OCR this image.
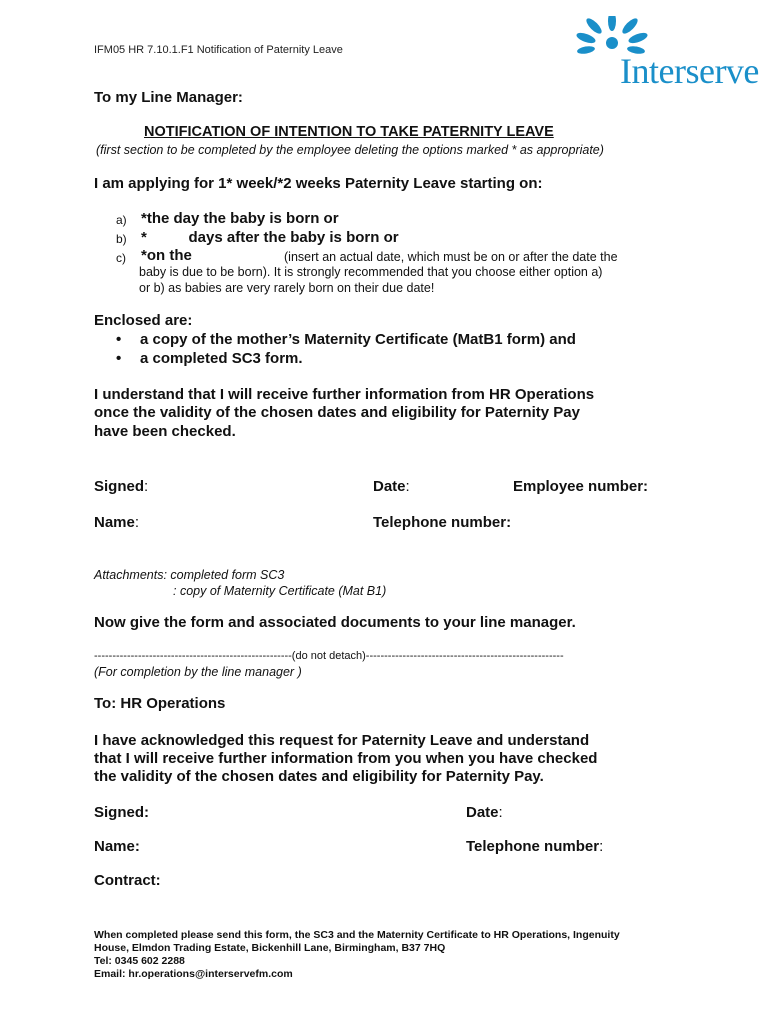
IFM05 HR 7.10.1.F1 Notification of Paternity Leave
Interserve
To my Line Manager:
NOTIFICATION OF INTENTION TO TAKE PATERNITY LEAVE
(first section to be completed by the employee deleting the options marked * as appropriate)
I am applying for 1* week/*2 weeks Paternity Leave starting on:
a) *the day the baby is born or
b) *          days after the baby is born or
c) *on the	(insert an actual date, which must be on or after the date the
baby is due to be born). It is strongly recommended that you choose either option a)
or b) as babies are very rarely born on their due date!
Enclosed are:
• a copy of the mother’s Maternity Certificate (MatB1 form) and
• a completed SC3 form.
I understand that I will receive further information from HR Operations
once the validity of the chosen dates and eligibility for Paternity Pay
have been checked.
Signed:	Date:	Employee number:
Name:	Telephone number:
Attachments: completed form SC3
: copy of Maternity Certificate (Mat B1)
Now give the form and associated documents to your line manager.
------------------------------------------------------(do not detach)------------------------------------------------------
(For completion by the line manager )
To: HR Operations
I have acknowledged this request for Paternity Leave and understand
that I will receive further information from you when you have checked
the validity of the chosen dates and eligibility for Paternity Pay.
Signed:	Date:
Name:	Telephone number:
Contract:
When completed please send this form, the SC3 and the Maternity Certificate to HR Operations, Ingenuity
House, Elmdon Trading Estate, Bickenhill Lane, Birmingham, B37 7HQ
Tel: 0345 602 2288
Email: hr.operations@interservefm.com
